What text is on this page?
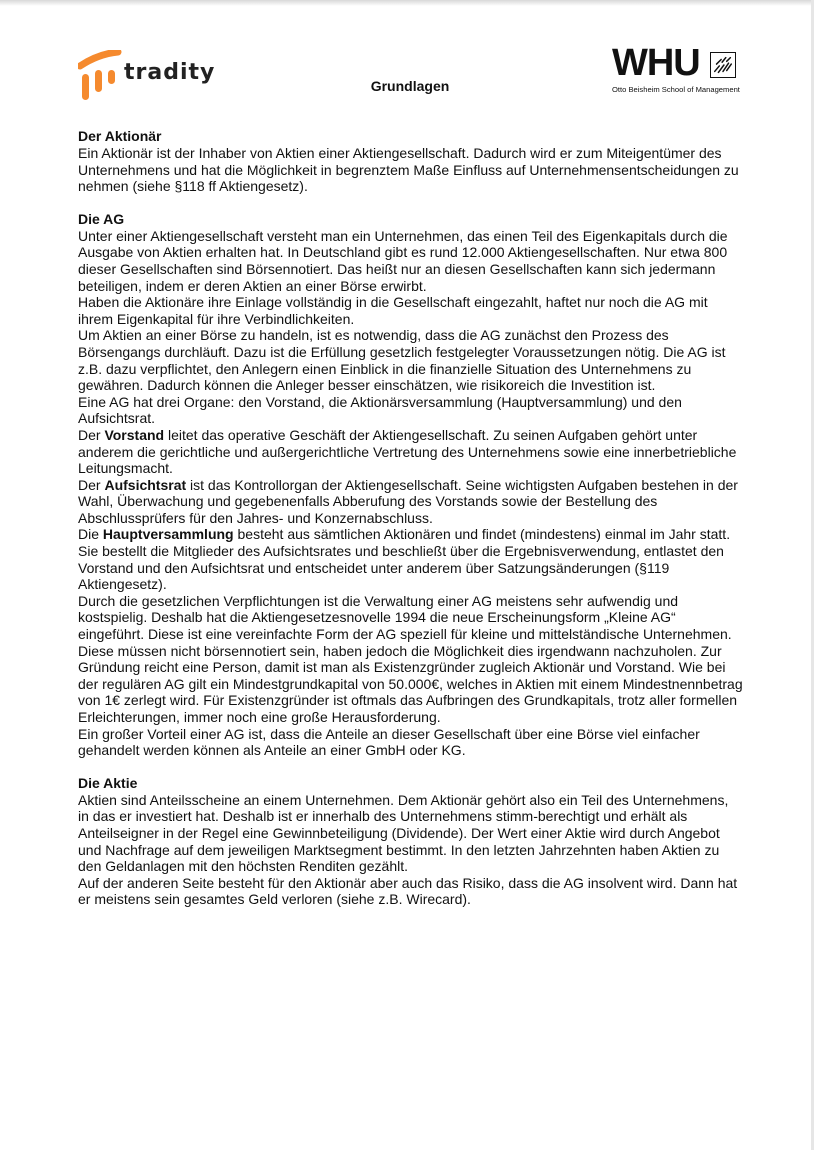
tradity
Grundlagen
WHU
Otto Beisheim School of Management

Der Aktionär

Ein Aktionär ist der Inhaber von Aktien einer Aktiengesellschaft. Dadurch wird er zum Miteigentümer des Unternehmens und hat die Möglichkeit in begrenztem Maße Einfluss auf Unternehmensentscheidungen zu nehmen (siehe §118 ff Aktiengesetz).

Die AG

Unter einer Aktiengesellschaft versteht man ein Unternehmen, das einen Teil des Eigenkapitals durch die Ausgabe von Aktien erhalten hat. In Deutschland gibt es rund 12.000 Aktiengesellschaften. Nur etwa 800 dieser Gesellschaften sind Börsennotiert. Das heißt nur an diesen Gesellschaften kann sich jedermann beteiligen, indem er deren Aktien an einer Börse erwirbt.

Haben die Aktionäre ihre Einlage vollständig in die Gesellschaft eingezahlt, haftet nur noch die AG mit ihrem Eigenkapital für ihre Verbindlichkeiten.

Um Aktien an einer Börse zu handeln, ist es notwendig, dass die AG zunächst den Prozess des Börsengangs durchläuft. Dazu ist die Erfüllung gesetzlich festgelegter Voraussetzungen nötig. Die AG ist z.B. dazu verpflichtet, den Anlegern einen Einblick in die finanzielle Situation des Unternehmens zu gewähren. Dadurch können die Anleger besser einschätzen, wie risikoreich die Investition ist.

Eine AG hat drei Organe: den Vorstand, die Aktionärsversammlung (Hauptversammlung) und den Aufsichtsrat.

Der Vorstand leitet das operative Geschäft der Aktiengesellschaft. Zu seinen Aufgaben gehört unter anderem die gerichtliche und außergerichtliche Vertretung des Unternehmens sowie eine innerbetriebliche Leitungsmacht.

Der Aufsichtsrat ist das Kontrollorgan der Aktiengesellschaft. Seine wichtigsten Aufgaben bestehen in der Wahl, Überwachung und gegebenenfalls Abberufung des Vorstands sowie der Bestellung des Abschlussprüfers für den Jahres- und Konzernabschluss.

Die Hauptversammlung besteht aus sämtlichen Aktionären und findet (mindestens) einmal im Jahr statt. Sie bestellt die Mitglieder des Aufsichtsrates und beschließt über die Ergebnisverwendung, entlastet den Vorstand und den Aufsichtsrat und entscheidet unter anderem über Satzungsänderungen (§119 Aktiengesetz).

Durch die gesetzlichen Verpflichtungen ist die Verwaltung einer AG meistens sehr aufwendig und kostspielig. Deshalb hat die Aktiengesetzesnovelle 1994 die neue Erscheinungsform „Kleine AG“ eingeführt. Diese ist eine vereinfachte Form der AG speziell für kleine und mittelständische Unternehmen. Diese müssen nicht börsennotiert sein, haben jedoch die Möglichkeit dies irgendwann nachzuholen. Zur Gründung reicht eine Person, damit ist man als Existenzgründer zugleich Aktionär und Vorstand. Wie bei der regulären AG gilt ein Mindestgrundkapital von 50.000€, welches in Aktien mit einem Mindestnennbetrag von 1€ zerlegt wird. Für Existenzgründer ist oftmals das Aufbringen des Grundkapitals, trotz aller formellen Erleichterungen, immer noch eine große Herausforderung.

Ein großer Vorteil einer AG ist, dass die Anteile an dieser Gesellschaft über eine Börse viel einfacher gehandelt werden können als Anteile an einer GmbH oder KG.

Die Aktie

Aktien sind Anteilsscheine an einem Unternehmen. Dem Aktionär gehört also ein Teil des Unternehmens, in das er investiert hat. Deshalb ist er innerhalb des Unternehmens stimm-berechtigt und erhält als Anteilseigner in der Regel eine Gewinnbeteiligung (Dividende). Der Wert einer Aktie wird durch Angebot und Nachfrage auf dem jeweiligen Marktsegment bestimmt. In den letzten Jahrzehnten haben Aktien zu den Geldanlagen mit den höchsten Renditen gezählt.

Auf der anderen Seite besteht für den Aktionär aber auch das Risiko, dass die AG insolvent wird. Dann hat er meistens sein gesamtes Geld verloren (siehe z.B. Wirecard).
